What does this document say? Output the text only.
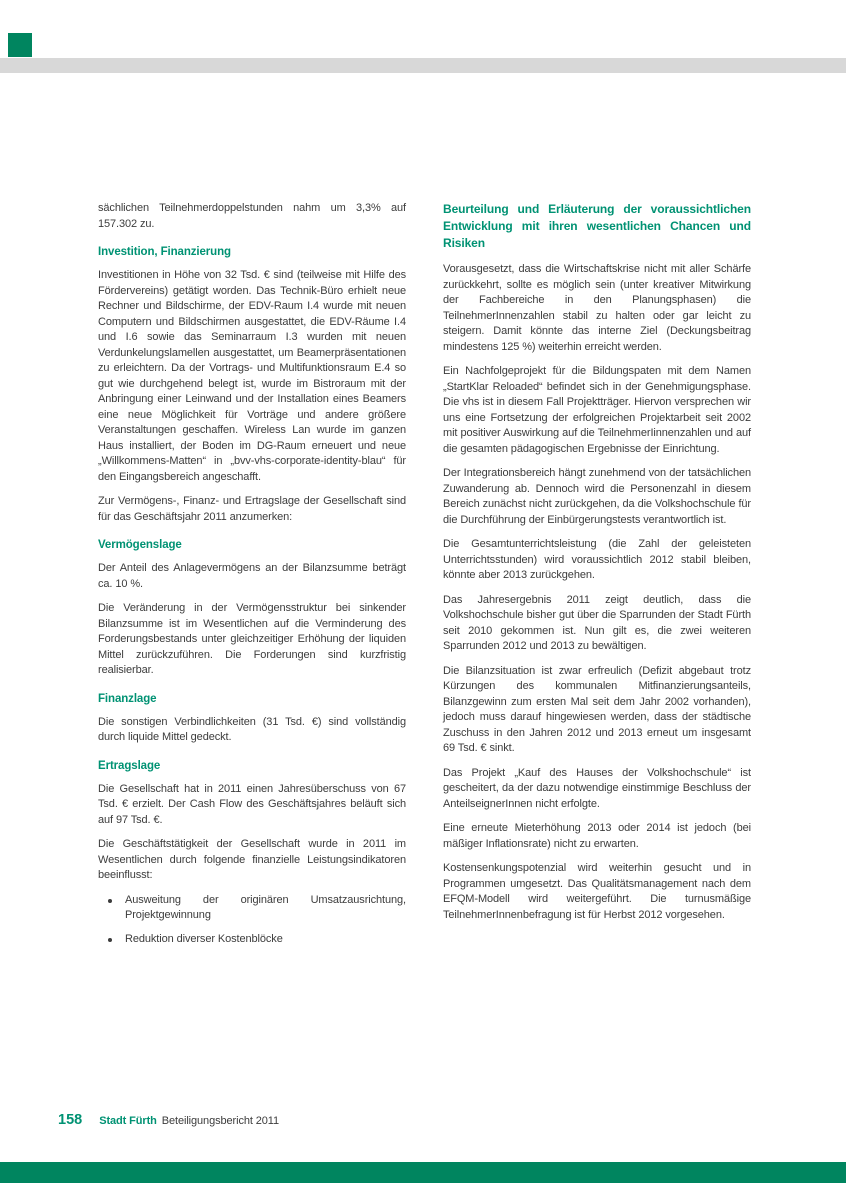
sächlichen Teilnehmerdoppelstunden nahm um 3,3% auf 157.302 zu.

Investition, Finanzierung

Investitionen in Höhe von 32 Tsd. € sind (teilweise mit Hilfe des Fördervereins) getätigt worden. Das Technik-Büro erhielt neue Rechner und Bildschirme, der EDV-Raum I.4 wurde mit neuen Computern und Bildschirmen ausgestattet, die EDV-Räume I.4 und I.6 sowie das Seminarraum I.3 wurden mit neuen Verdunkelungslamellen ausgestattet, um Beamerpräsentationen zu erleichtern. Da der Vortrags- und Multifunktionsraum E.4 so gut wie durchgehend belegt ist, wurde im Bistroraum mit der Anbringung einer Leinwand und der Installation eines Beamers eine neue Möglichkeit für Vorträge und andere größere Veranstaltungen geschaffen. Wireless Lan wurde im ganzen Haus installiert, der Boden im DG-Raum erneuert und neue „Willkommens-Matten“ in „bvv-vhs-corporate-identity-blau“ für den Eingangsbereich angeschafft.

Zur Vermögens-, Finanz- und Ertragslage der Gesellschaft sind für das Geschäftsjahr 2011 anzumerken:

Vermögenslage

Der Anteil des Anlagevermögens an der Bilanzsumme beträgt ca. 10 %.

Die Veränderung in der Vermögensstruktur bei sinkender Bilanzsumme ist im Wesentlichen auf die Verminderung des Forderungsbestands unter gleichzeitiger Erhöhung der liquiden Mittel zurückzuführen. Die Forderungen sind kurzfristig realisierbar.

Finanzlage

Die sonstigen Verbindlichkeiten (31 Tsd. €) sind vollständig durch liquide Mittel gedeckt.

Ertragslage

Die Gesellschaft hat in 2011 einen Jahresüberschuss von 67 Tsd. € erzielt. Der Cash Flow des Geschäftsjahres beläuft sich auf 97 Tsd. €.

Die Geschäftstätigkeit der Gesellschaft wurde in 2011 im Wesentlichen durch folgende finanzielle Leistungsindikatoren beeinflusst:

Ausweitung der originären Umsatzausrichtung, Projektgewinnung
Reduktion diverser Kostenblöcke
Beurteilung und Erläuterung der voraussichtlichen Entwicklung mit ihren wesentlichen Chancen und Risiken

Vorausgesetzt, dass die Wirtschaftskrise nicht mit aller Schärfe zurückkehrt, sollte es möglich sein (unter kreativer Mitwirkung der Fachbereiche in den Planungsphasen) die TeilnehmerInnenzahlen stabil zu halten oder gar leicht zu steigern. Damit könnte das interne Ziel (Deckungsbeitrag mindestens 125 %) weiterhin erreicht werden.

Ein Nachfolgeprojekt für die Bildungspaten mit dem Namen „StartKlar Reloaded“ befindet sich in der Genehmigungsphase. Die vhs ist in diesem Fall Projektträger. Hiervon versprechen wir uns eine Fortsetzung der erfolgreichen Projektarbeit seit 2002 mit positiver Auswirkung auf die TeilnehmerIinnenzahlen und auf die gesamten pädagogischen Ergebnisse der Einrichtung.

Der Integrationsbereich hängt zunehmend von der tatsächlichen Zuwanderung ab. Dennoch wird die Personenzahl in diesem Bereich zunächst nicht zurückgehen, da die Volkshochschule für die Durchführung der Einbürgerungstests verantwortlich ist.

Die Gesamtunterrichtsleistung (die Zahl der geleisteten Unterrichtsstunden) wird voraussichtlich 2012 stabil bleiben, könnte aber 2013 zurückgehen.

Das Jahresergebnis 2011 zeigt deutlich, dass die Volkshochschule bisher gut über die Sparrunden der Stadt Fürth seit 2010 gekommen ist. Nun gilt es, die zwei weiteren Sparrunden 2012 und 2013 zu bewältigen.

Die Bilanzsituation ist zwar erfreulich (Defizit abgebaut trotz Kürzungen des kommunalen Mitfinanzierungsanteils, Bilanzgewinn zum ersten Mal seit dem Jahr 2002 vorhanden), jedoch muss darauf hingewiesen werden, dass der städtische Zuschuss in den Jahren 2012 und 2013 erneut um insgesamt 69 Tsd. € sinkt.

Das Projekt „Kauf des Hauses der Volkshochschule“ ist gescheitert, da der dazu notwendige einstimmige Beschluss der AnteilseignerInnen nicht erfolgte.

Eine erneute Mieterhöhung 2013 oder 2014 ist jedoch (bei mäßiger Inflationsrate) nicht zu erwarten.

Kostensenkungspotenzial wird weiterhin gesucht und in Programmen umgesetzt. Das Qualitätsmanagement nach dem EFQM-Modell wird weitergeführt. Die turnusmäßige TeilnehmerInnenbefragung ist für Herbst 2012 vorgesehen.

158 Stadt Fürth Beteiligungsbericht 2011
